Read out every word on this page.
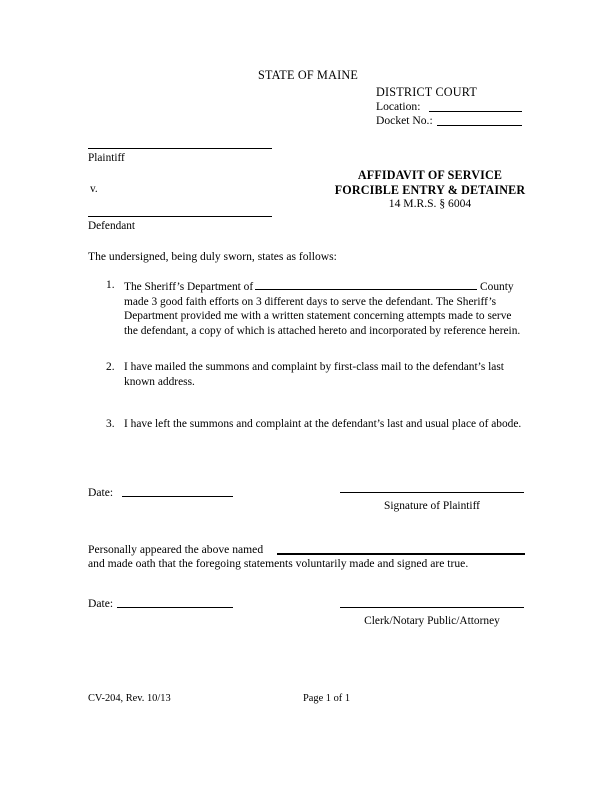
STATE OF MAINE
DISTRICT COURT
Location:
Docket No.:
Plaintiff
v.
Defendant
AFFIDAVIT OF SERVICE
FORCIBLE ENTRY & DETAINER
14 M.R.S. § 6004
The undersigned, being duly sworn, states as follows:
1. The Sheriff’s Department of	County made 3 good faith efforts on 3 different days to serve the defendant. The Sheriff’s Department provided me with a written statement concerning attempts made to serve the defendant, a copy of which is attached hereto and incorporated by reference herein.
2. I have mailed the summons and complaint by first-class mail to the defendant’s last known address.
3. I have left the summons and complaint at the defendant’s last and usual place of abode.
Date:
Signature of Plaintiff
Personally appeared the above named
and made oath that the foregoing statements voluntarily made and signed are true.
Date:
Clerk/Notary Public/Attorney
CV-204, Rev. 10/13	Page 1 of 1
